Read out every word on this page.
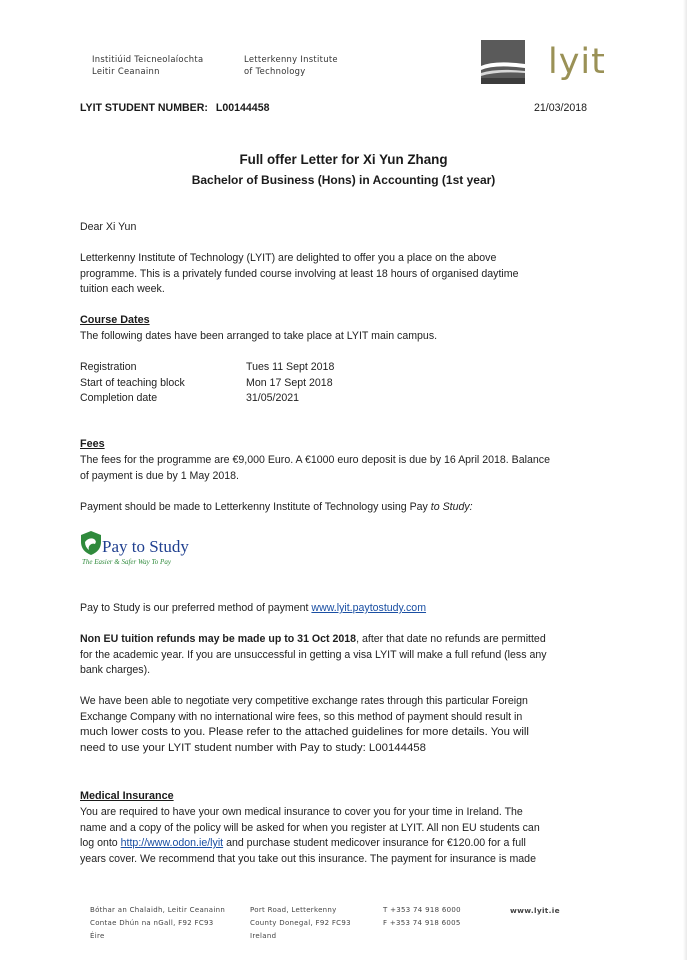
Institiúid Teicneolaíochta
Leitir Ceanainn
Letterkenny Institute
of Technology	lyit
LYIT STUDENT NUMBER: L00144458	21/03/2018
Full offer Letter for Xi Yun Zhang
Bachelor of Business (Hons) in Accounting (1st year)
Dear Xi Yun
Letterkenny Institute of Technology (LYIT) are delighted to offer you a place on the above
programme. This is a privately funded course involving at least 18 hours of organised daytime
tuition each week.
Course Dates
The following dates have been arranged to take place at LYIT main campus.
Registration	Tues 11 Sept 2018
Start of teaching block	Mon 17 Sept 2018
Completion date	31/05/2021
Fees
The fees for the programme are €9,000 Euro. A €1000 euro deposit is due by 16 April 2018. Balance
of payment is due by 1 May 2018.
Payment should be made to Letterkenny Institute of Technology using Pay to Study:
Pay to Study
The Easier & Safer Way To Pay
Pay to Study is our preferred method of payment www.lyit.paytostudy.com
Non EU tuition refunds may be made up to 31 Oct 2018, after that date no refunds are permitted
for the academic year. If you are unsuccessful in getting a visa LYIT will make a full refund (less any
bank charges).
We have been able to negotiate very competitive exchange rates through this particular Foreign
Exchange Company with no international wire fees, so this method of payment should result in
much lower costs to you. Please refer to the attached guidelines for more details. You will
need to use your LYIT student number with Pay to study: L00144458
Medical Insurance
You are required to have your own medical insurance to cover you for your time in Ireland. The
name and a copy of the policy will be asked for when you register at LYIT. All non EU students can
log onto http://www.odon.ie/lyit and purchase student medicover insurance for €120.00 for a full
years cover. We recommend that you take out this insurance. The payment for insurance is made
Bóthar an Chalaidh, Leitir Ceanainn
Contae Dhún na nGall, F92 FC93
Éire
Port Road, Letterkenny
County Donegal, F92 FC93
Ireland
T +353 74 918 6000
F +353 74 918 6005
www.lyit.ie
